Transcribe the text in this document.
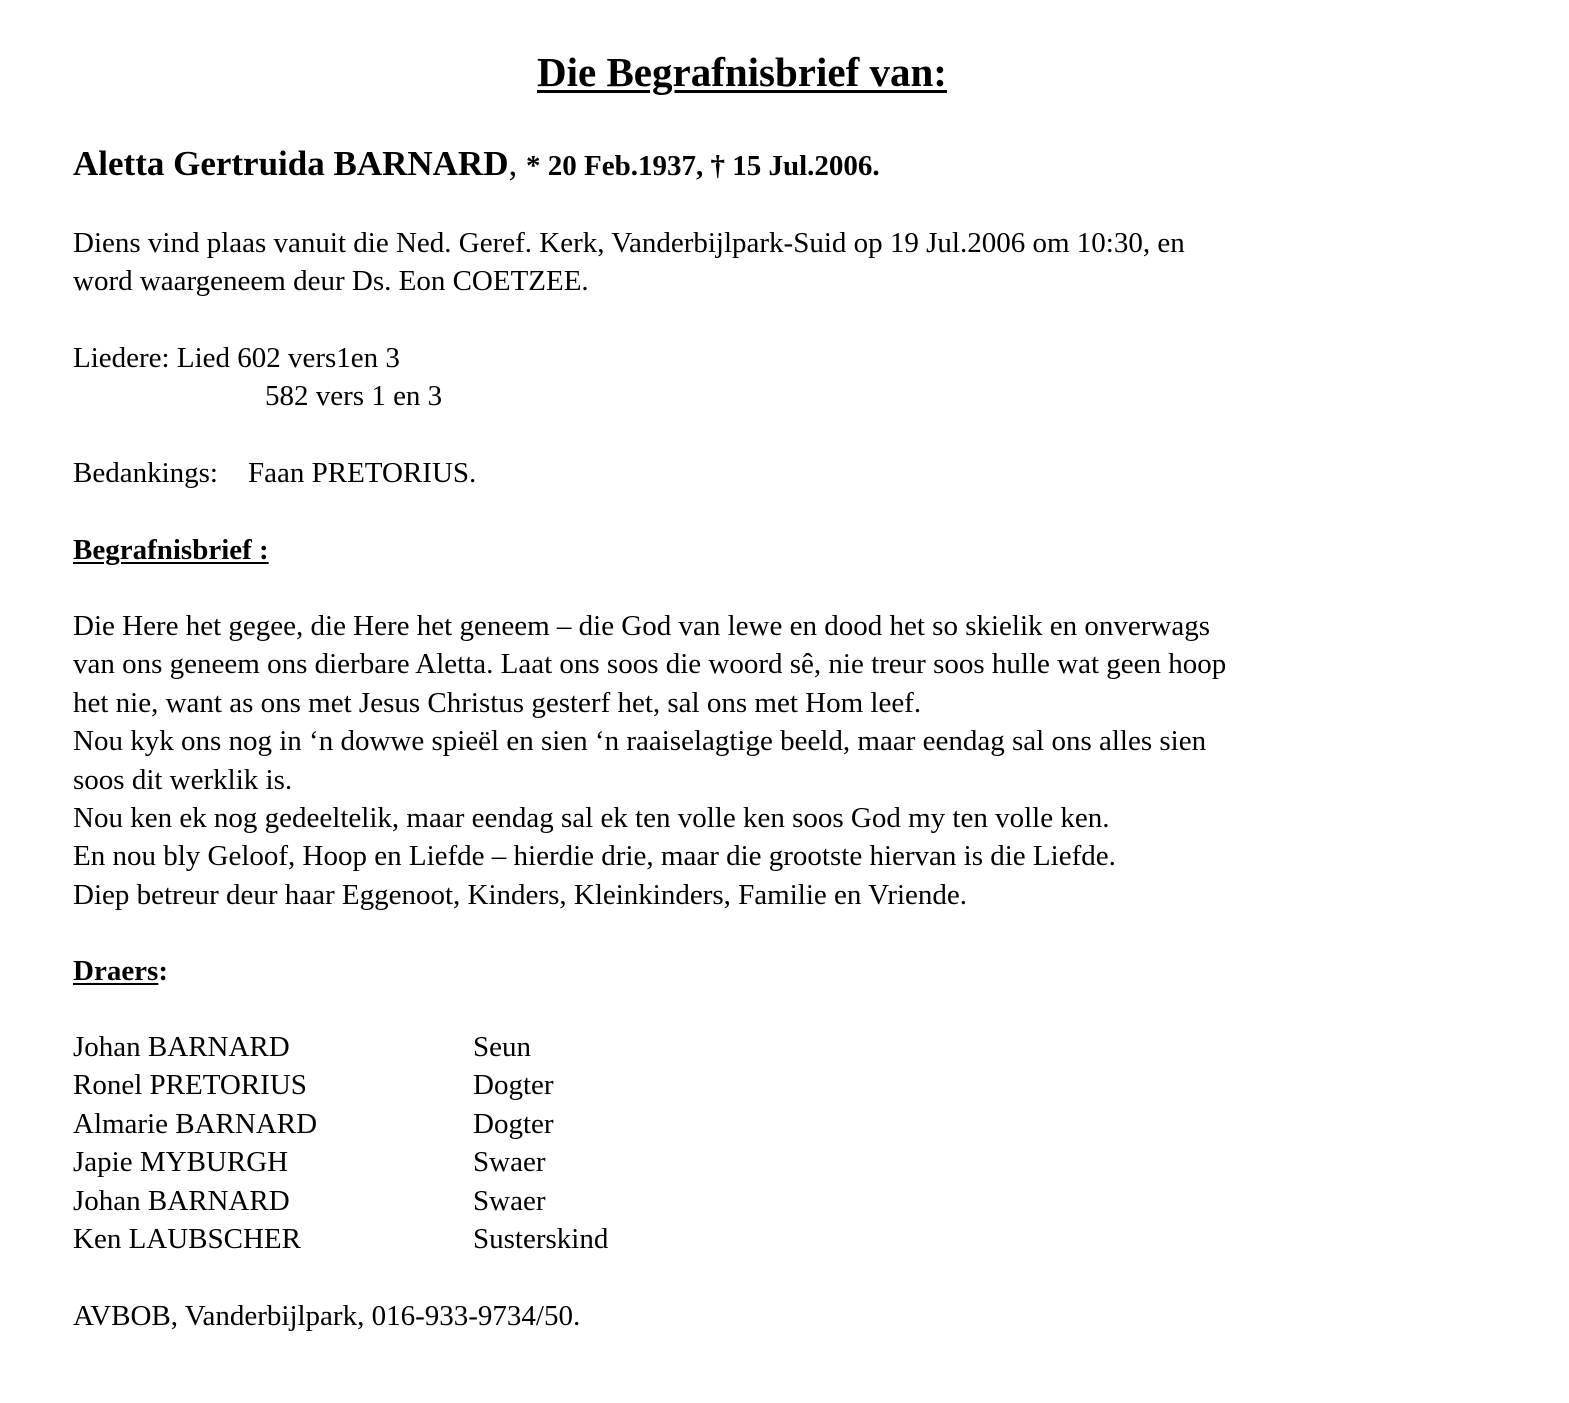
Die Begrafnisbrief van:
Aletta Gertruida BARNARD, * 20 Feb.1937, † 15 Jul.2006.
Diens vind plaas vanuit die Ned. Geref. Kerk, Vanderbijlpark-Suid op 19 Jul.2006 om 10:30, en
word waargeneem deur Ds. Eon COETZEE.
Liedere: Lied 602 vers1en 3
582 vers 1 en 3
Bedankings: Faan PRETORIUS.
Begrafnisbrief :
Die Here het gegee, die Here het geneem – die God van lewe en dood het so skielik en onverwags
van ons geneem ons dierbare Aletta. Laat ons soos die woord sê, nie treur soos hulle wat geen hoop
het nie, want as ons met Jesus Christus gesterf het, sal ons met Hom leef.
Nou kyk ons nog in ‘n dowwe spieël en sien ‘n raaiselagtige beeld, maar eendag sal ons alles sien
soos dit werklik is.
Nou ken ek nog gedeeltelik, maar eendag sal ek ten volle ken soos God my ten volle ken.
En nou bly Geloof, Hoop en Liefde – hierdie drie, maar die grootste hiervan is die Liefde.
Diep betreur deur haar Eggenoot, Kinders, Kleinkinders, Familie en Vriende.
Draers:
Johan BARNARD	Seun
Ronel PRETORIUS	Dogter
Almarie BARNARD	Dogter
Japie MYBURGH	Swaer
Johan BARNARD	Swaer
Ken LAUBSCHER	Susterskind
AVBOB, Vanderbijlpark, 016-933-9734/50.
